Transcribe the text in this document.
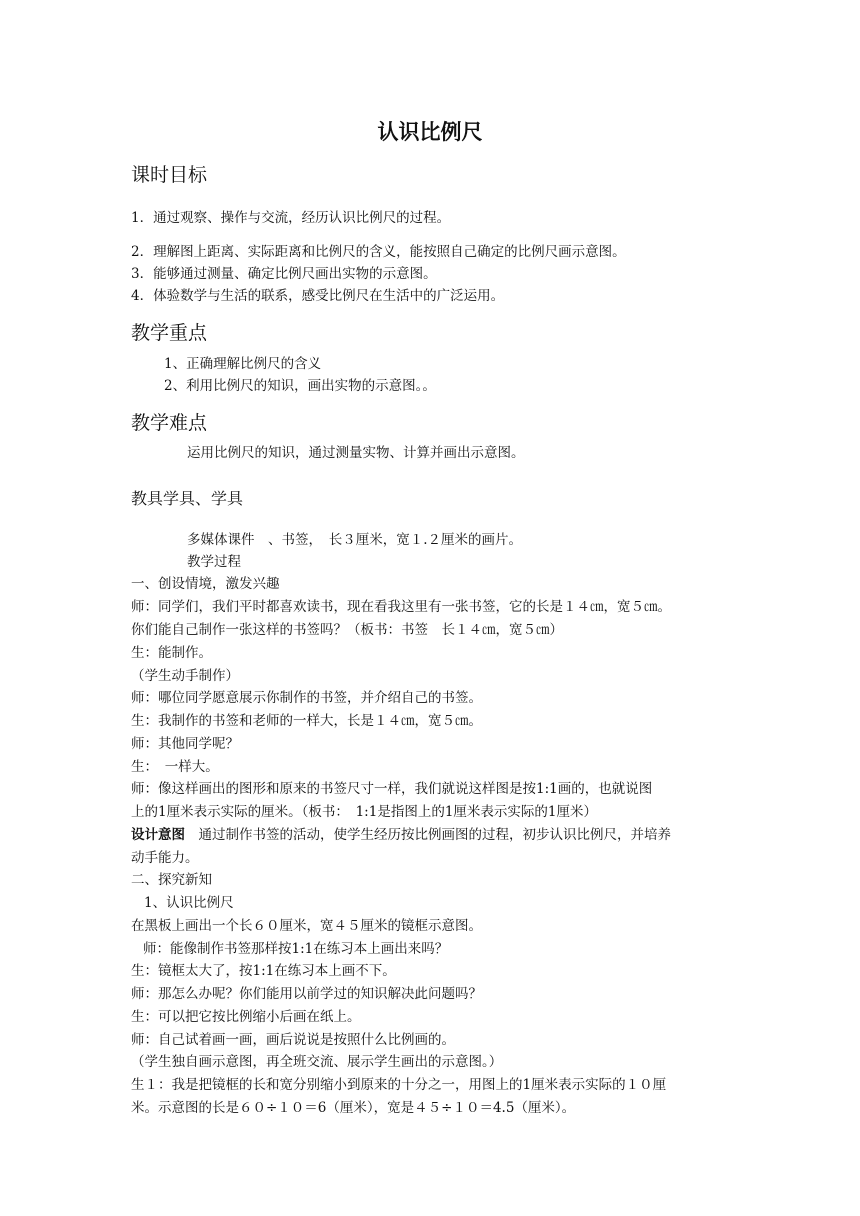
认识比例尺
课时目标
1．通过观察、操作与交流，经历认识比例尺的过程。
2．理解图上距离、实际距离和比例尺的含义，能按照自己确定的比例尺画示意图。
3．能够通过测量、确定比例尺画出实物的示意图。
4．体验数学与生活的联系，感受比例尺在生活中的广泛运用。
教学重点
1、正确理解比例尺的含义
2、利用比例尺的知识，画出实物的示意图。。
教学难点
运用比例尺的知识，通过测量实物、计算并画出示意图。
教具学具、学具
多媒体课件　、书签，　长３厘米，宽１.２厘米的画片。
教学过程
一、创设情境，激发兴趣
师：同学们，我们平时都喜欢读书，现在看我这里有一张书签，它的长是１４㎝，宽５㎝。
你们能自己制作一张这样的书签吗？（板书：书签　长１４㎝，宽５㎝）
生：能制作。
（学生动手制作）
师：哪位同学愿意展示你制作的书签，并介绍自己的书签。
生：我制作的书签和老师的一样大，长是１４㎝，宽５㎝。
师：其他同学呢？
生：　一样大。
师：像这样画出的图形和原来的书签尺寸一样，我们就说这样图是按1:1画的，也就说图
上的1厘米表示实际的厘米。（板书：　1:1是指图上的1厘米表示实际的1厘米）
设计意图　 通过制作书签的活动，使学生经历按比例画图的过程，初步认识比例尺，并培养
动手能力。
二、探究新知
1、认识比例尺
在黑板上画出一个长６０厘米，宽４５厘米的镜框示意图。
师：能像制作书签那样按1:1在练习本上画出来吗？
生：镜框太大了，按1:1在练习本上画不下。
师：那怎么办呢？你们能用以前学过的知识解决此问题吗？
生：可以把它按比例缩小后画在纸上。
师：自己试着画一画，画后说说是按照什么比例画的。
（学生独自画示意图，再全班交流、展示学生画出的示意图。）
生１：我是把镜框的长和宽分别缩小到原来的十分之一，用图上的1厘米表示实际的１０厘
米。示意图的长是６０÷１０＝6（厘米），宽是４５÷１０＝4.5（厘米）。
